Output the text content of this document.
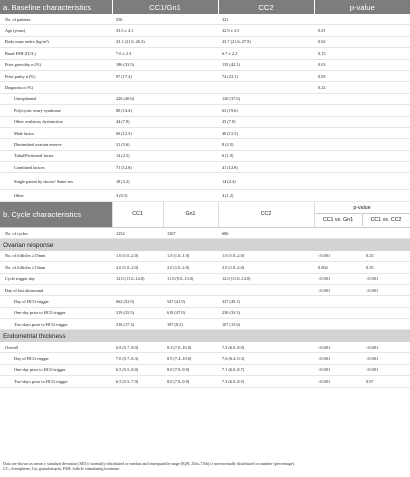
a. Baseline characteristics	CC1/Gn1	CC2	p-value
No. of patients	556	321	
Age (years)	33.5 ± 4.1	32.9 ± 3.5	0.01
Body mass index (kg/m²)	23.1 (21.0–26.3)	23.7 (21.6–27.9)	0.02
Basal FSH (IU/L)	7.0 ± 2.3	6.7 ± 2.2	0.15
Prior gravidity n (%)	186 (33.5)	135 (42.1)	0.01
Prior parity n (%)	97 (17.4)	74 (23.1)	0.05
Diagnosis n (%)			0.22
Unexplained	226 (40.6)	120 (37.6)	
Polycystic ovary syndrome	80 (14.4)	63 (19.6)	
Other ovulatory dysfunction	44 (7.9)	25 (7.8)	
Male factor	69 (12.5)	40 (12.5)	
Diminished ovarian reserve	31 (5.6)	8 (2.5)	
Tubal/Peritoneal factor	14 (2.5)	6 (1.9)	
Combined factors	71 (12.8)	41 (12.8)	
Single parent by choice/ Same sex	18 (3.2)	14 (4.4)	
Other	3 (0.5)	4 (1.2)	
b. Cycle characteristics	CC1	Gn1	CC2	p-value
CC1 vs. Gn1 CC1 vs. CC2	

No. of cycles	1252	1307	686		
Ovarian response					
No. of follicles ≥15mm	1.0 (1.0–2.0)	1.0 (1.0–1.0)	1.0 (1.0–2.0)	<0.001	0.25
No. of follicles ≥13mm	2.0 (1.0–2.0)	2.0 (1.0–2.0)	2.0 (1.0–2.0)	0.004	0.35
Cycle trigger day	12.0 (11.0–14.0)	11.0 (9.0–13.0)	12.0 (11.0–14.0)	<0.001	<0.001
Day of last ultrasound				<0.001	<0.001
Day of HCG-trigger	662 (52.9)	547 (41.9)	337 (49.1)		
One-day prior to HCG-trigger	319 (25.5)	618 (47.0)	230 (33.5)		
Two-days prior to HCG-trigger	216 (17.3)	107 (8.2)	107 (15.6)		
Endometrial thickness					
Overall	6.8 (5.7–8.0)	8.3 (7.0–10.0)	7.2 (6.0–8.9)	<0.001	<0.001
Day of HCG-trigger	7.0 (5.7–8.3)	8.9 (7.4–10.0)	7.6 (6.4–9.3)	<0.001	<0.001
One-day prior to HCG-trigger	6.5 (5.5–8.0)	8.0 (7.0–9.9)	7.1 (6.0–8.7)	<0.001	<0.001
Two-days prior to HCG-trigger	6.5 (5.5–7.9)	8.0 (7.0–9.9)	7.2 (6.0–8.5)	<0.001	0.07
Data are shown as mean ± standard deviation (SD) if normally distributed or median and interquartile range (IQR: 25th–75th) if non-normally distributed or number (percentage).
CC, clomiphene; Gn, gonadotropin; FSH, follicle stimulating hormone.
